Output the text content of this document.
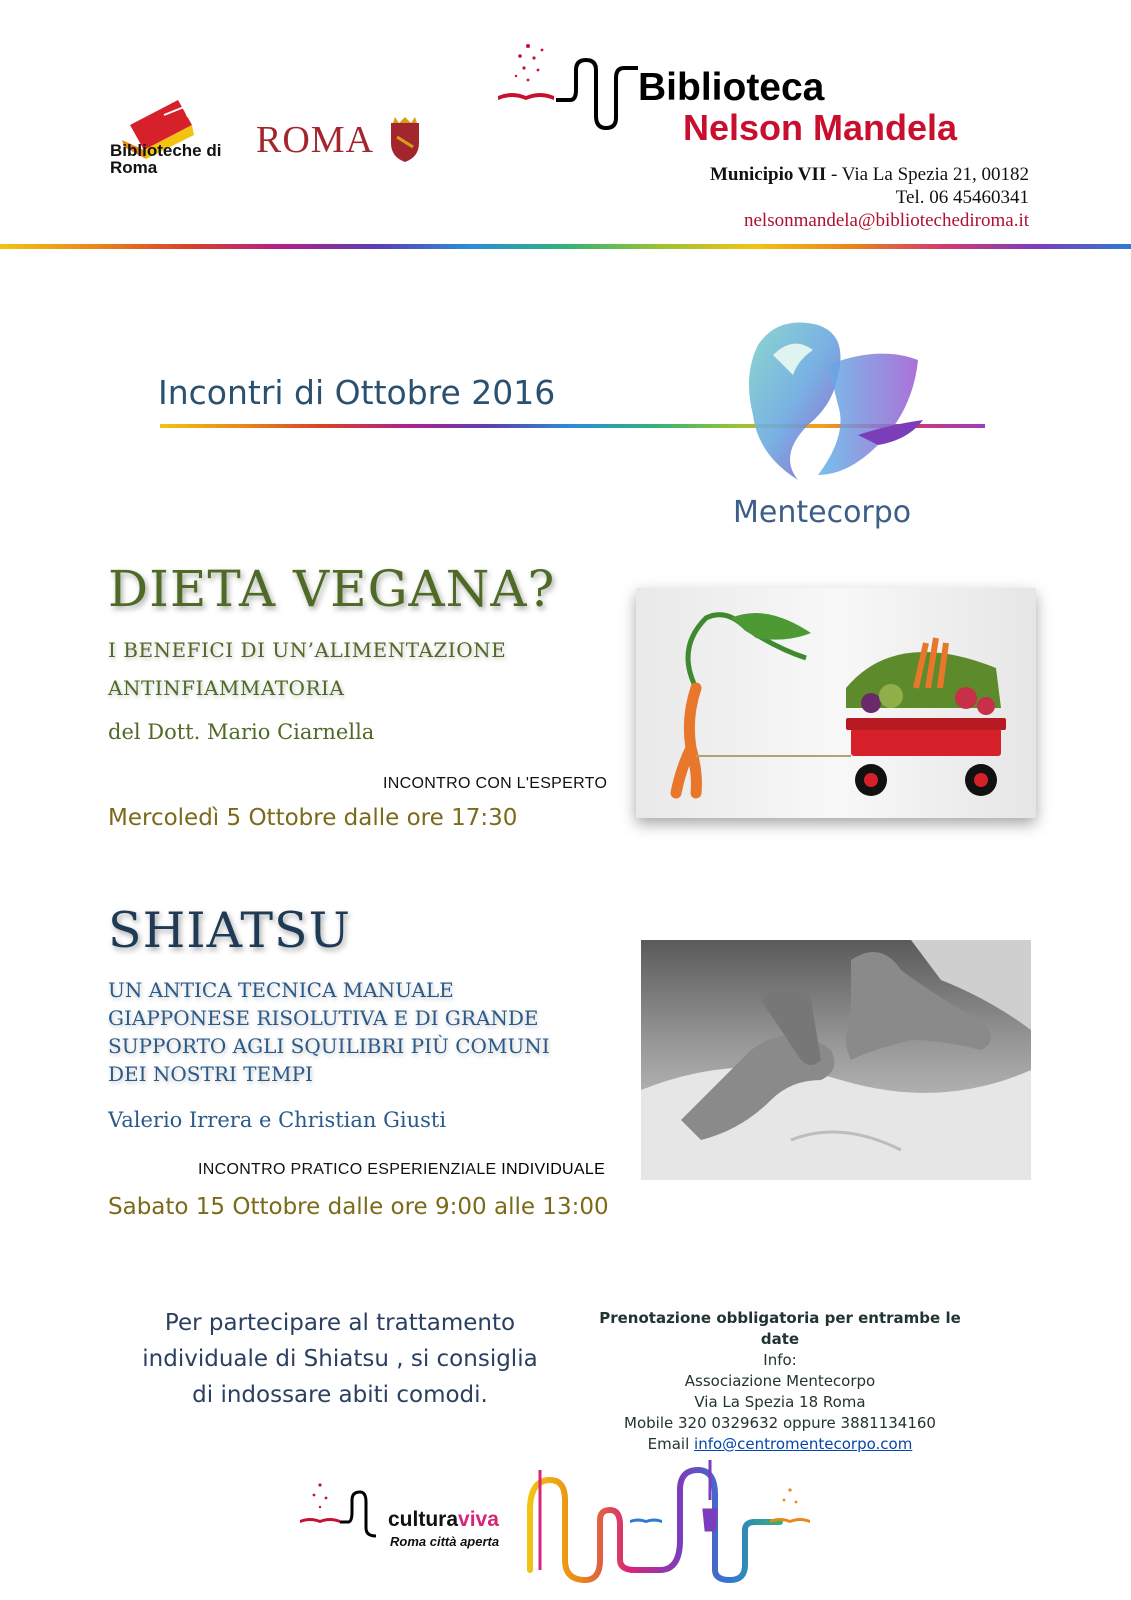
Biblioteche di Roma
ROMA
Biblioteca
Nelson Mandela
Municipio VII - Via La Spezia 21, 00182
Tel. 06 45460341
nelsonmandela@bibliotechediroma.it
Incontri di Ottobre 2016
Mentecorpo
DIETA VEGANA?
I BENEFICI DI UN’ALIMENTAZIONE
ANTINFIAMMATORIA
del Dott. Mario Ciarnella
INCONTRO CON L'ESPERTO
Mercoledì 5 Ottobre dalle ore 17:30
SHIATSU
UN ANTICA TECNICA MANUALE
GIAPPONESE RISOLUTIVA E DI GRANDE
SUPPORTO AGLI SQUILIBRI PIÙ COMUNI
DEI NOSTRI TEMPI
Valerio Irrera e Christian Giusti
INCONTRO PRATICO ESPERIENZIALE INDIVIDUALE
Sabato 15 Ottobre dalle ore 9:00 alle 13:00
Per partecipare al trattamento
individuale di Shiatsu , si consiglia
di indossare abiti comodi.
Prenotazione obbligatoria per entrambe le date
Info:
Associazione Mentecorpo
Via La Spezia 18 Roma
Mobile 320 0329632 oppure 3881134160
Email info@centromentecorpo.com
culturaviva
Roma città aperta
